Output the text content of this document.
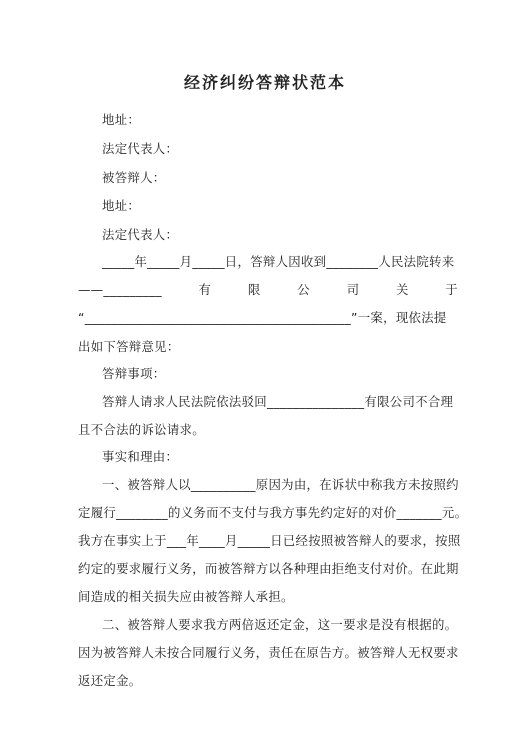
经济纠纷答辩状范本
地址：
法定代表人：
被答辩人：
地址：
法定代表人：
_____年_____月_____日，答辩人因收到________人民法院转来
——_________	有	限	公	司	关	于
“_________________________________________”一案，现依法提
出如下答辩意见：
答辩事项：
答辩人请求人民法院依法驳回_______________有限公司不合理
且不合法的诉讼请求。
事实和理由：
一、被答辩人以__________原因为由，在诉状中称我方未按照约
定履行________的义务而不支付与我方事先约定好的对价_______元。
我方在事实上于___年____月_____日已经按照被答辩人的要求，按照
约定的要求履行义务，而被答辩方以各种理由拒绝支付对价。在此期
间造成的相关损失应由被答辩人承担。
二、被答辩人要求我方两倍返还定金，这一要求是没有根据的。
因为被答辩人未按合同履行义务，责任在原告方。被答辩人无权要求
返还定金。
